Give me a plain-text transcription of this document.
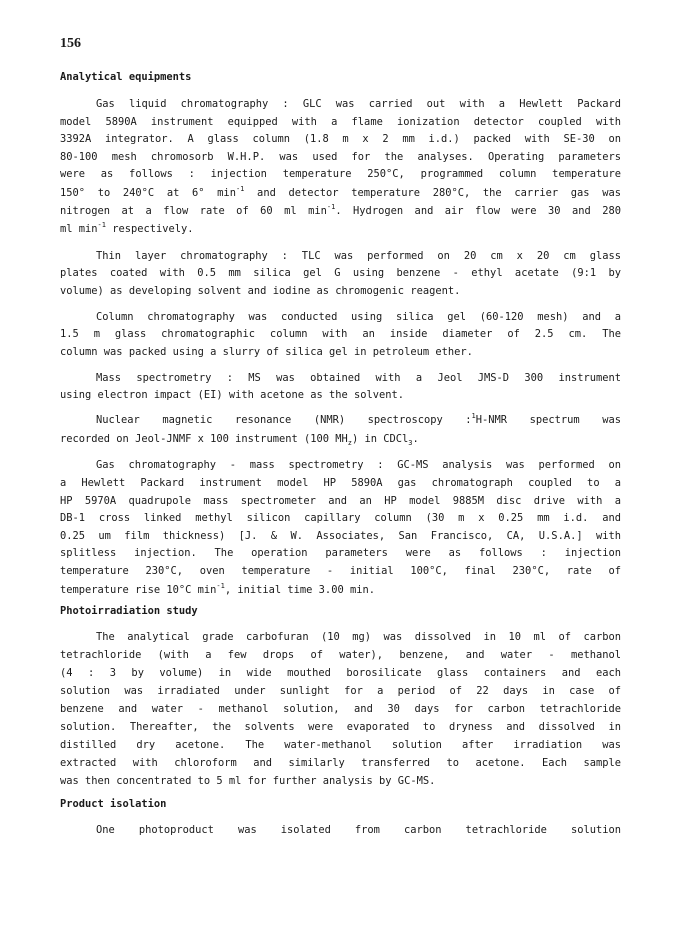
156
Analytical equipments
Gas liquid chromatography : GLC was carried out with a Hewlett Packard
model 5890A instrument equipped with a flame ionization detector coupled with
3392A integrator. A glass column (1.8 m x 2 mm i.d.) packed with SE-30 on
80-100 mesh chromosorb W.H.P. was used for the analyses. Operating parameters
were as follows : injection temperature 250°C, programmed column temperature
150° to 240°C at 6° $\min^{-1}$ and detector temperature 280°C, the carrier gas was
nitrogen at a flow rate of 60 ml $\min^{-1}$. Hydrogen and air flow were 30 and 280
ml $\min^{-1}$ respectively.
Thin layer chromatography : TLC was performed on 20 cm x 20 cm glass
plates coated with 0.5 mm silica gel G using benzene - ethyl acetate (9:1 by
volume) as developing solvent and iodine as chromogenic reagent.
Column chromatography was conducted using silica gel (60-120 mesh) and a
1.5 m glass chromatographic column with an inside diameter of 2.5 cm. The
column was packed using a slurry of silica gel in petroleum ether.
Mass spectrometry : MS was obtained with a Jeol JMS-D 300 instrument
using electron impact (EI) with acetone as the solvent.
Nuclear magnetic resonance (NMR) spectroscopy :$^1$H-NMR spectrum was
recorded on Jeol-JNMF x 100 instrument (100 $MH_z$) in CDCl$_3$.
Gas chromatography - mass spectrometry : GC-MS analysis was performed on
a Hewlett Packard instrument model HP 5890A gas chromatograph coupled to a
HP 5970A quadrupole mass spectrometer and an HP model 9885M disc drive with a
DB-1 cross linked methyl silicon capillary column (30 m x 0.25 mm i.d. and
0.25 um film thickness) [J. & W. Associates, San Francisco, CA, U.S.A.] with
splitless injection. The operation parameters were as follows : injection
temperature 230°C, oven temperature - initial 100°C, final 230°C, rate of
temperature rise 10°C $\min^{-1}$, initial time 3.00 min.
Photoirradiation study
The analytical grade carbofuran (10 mg) was dissolved in 10 ml of carbon
tetrachloride (with a few drops of water), benzene, and water - methanol
(4 : 3 by volume) in wide mouthed borosilicate glass containers and each
solution was irradiated under sunlight for a period of 22 days in case of
benzene and water - methanol solution, and 30 days for carbon tetrachloride
solution. Thereafter, the solvents were evaporated to dryness and dissolved in
distilled dry acetone. The water-methanol solution after irradiation was
extracted with chloroform and similarly transferred to acetone. Each sample
was then concentrated to 5 ml for further analysis by GC-MS.
Product isolation
One photoproduct was isolated from carbon tetrachloride solution
